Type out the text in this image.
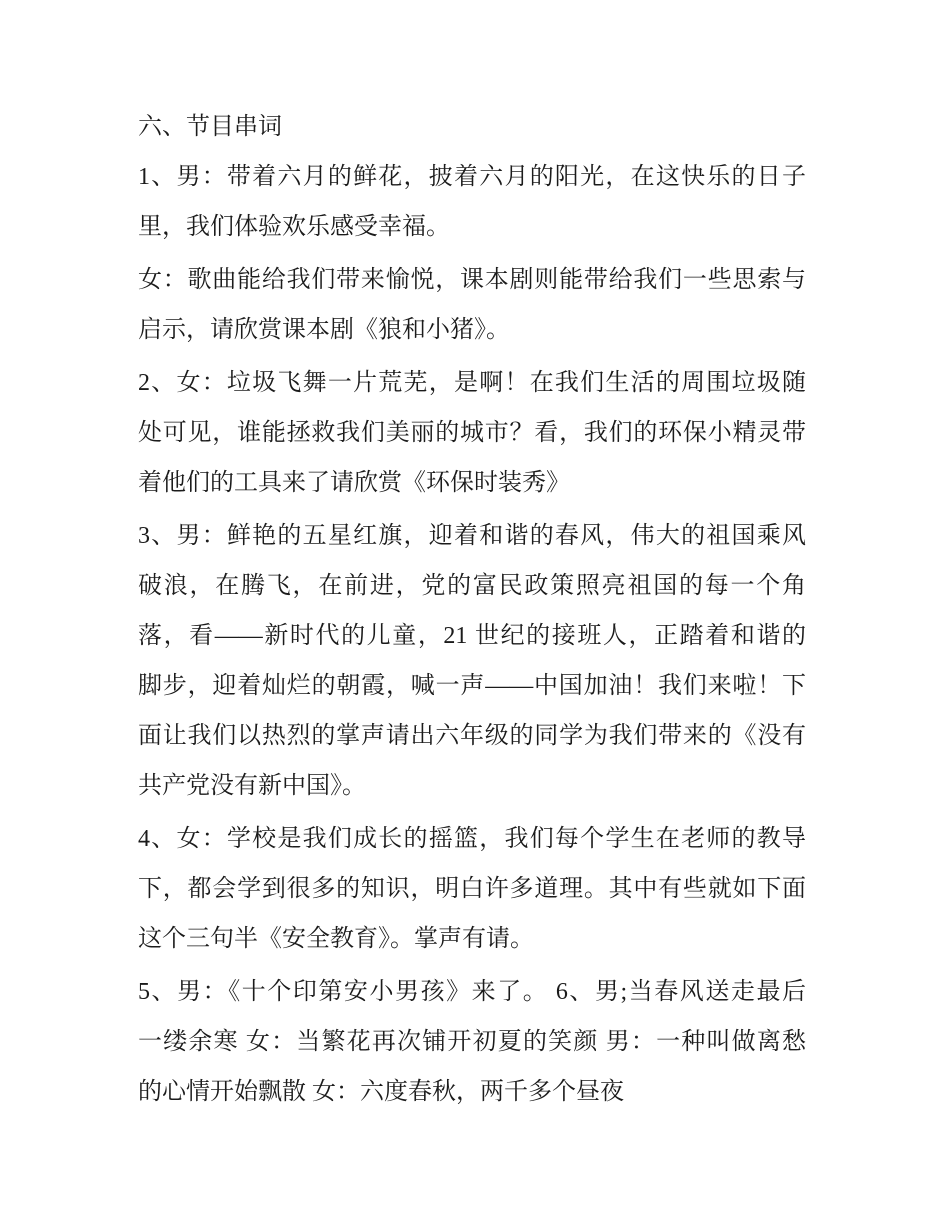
六、节目串词
1、男：带着六月的鲜花，披着六月的阳光，在这快乐的日子
里，我们体验欢乐感受幸福。
女：歌曲能给我们带来愉悦，课本剧则能带给我们一些思索与
启示，请欣赏课本剧《狼和小猪》。
2、女：垃圾飞舞一片荒芜，是啊！在我们生活的周围垃圾随
处可见，谁能拯救我们美丽的城市？看，我们的环保小精灵带
着他们的工具来了请欣赏《环保时装秀》
3、男：鲜艳的五星红旗，迎着和谐的春风，伟大的祖国乘风
破浪，在腾飞，在前进，党的富民政策照亮祖国的每一个角
落，看——新时代的儿童，21 世纪的接班人，正踏着和谐的
脚步，迎着灿烂的朝霞，喊一声——中国加油！我们来啦！下
面让我们以热烈的掌声请出六年级的同学为我们带来的《没有
共产党没有新中国》。
4、女：学校是我们成长的摇篮，我们每个学生在老师的教导
下，都会学到很多的知识，明白许多道理。其中有些就如下面
这个三句半《安全教育》。掌声有请。
5、男：《十个印第安小男孩》来了。 6、男;当春风送走最后
一缕余寒 女：当繁花再次铺开初夏的笑颜 男：一种叫做离愁
的心情开始飘散 女：六度春秋，两千多个昼夜
